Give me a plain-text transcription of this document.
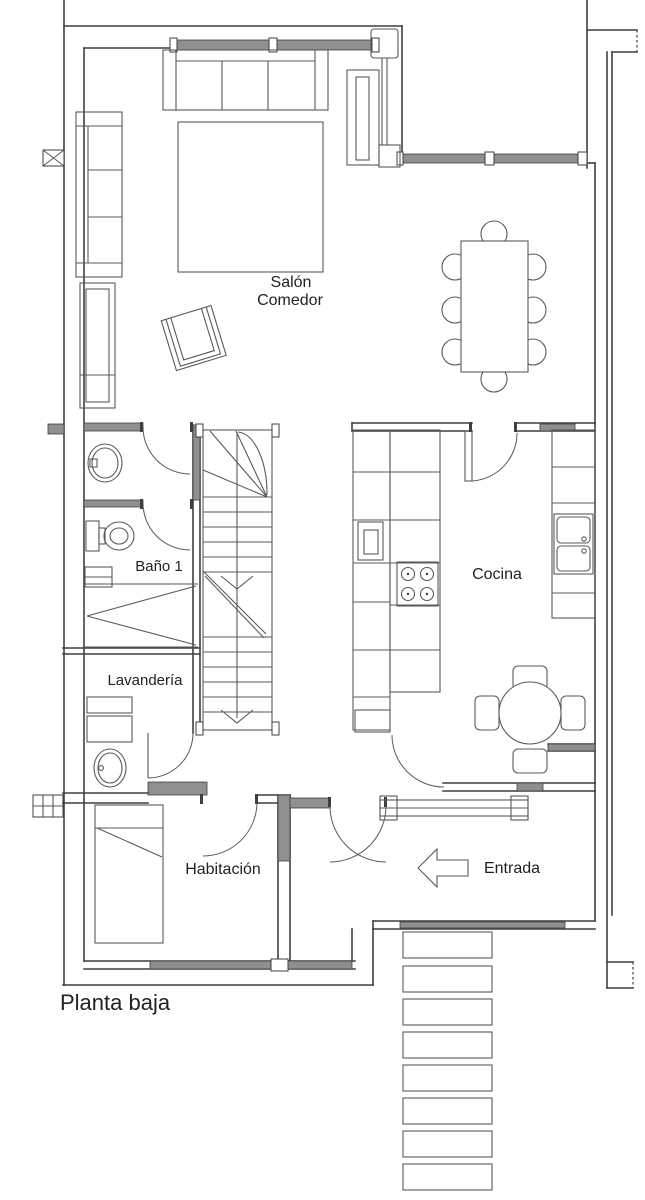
Salón
Comedor
Cocina
Baño 1
Lavandería
Habitación	Entrada
Planta baja
